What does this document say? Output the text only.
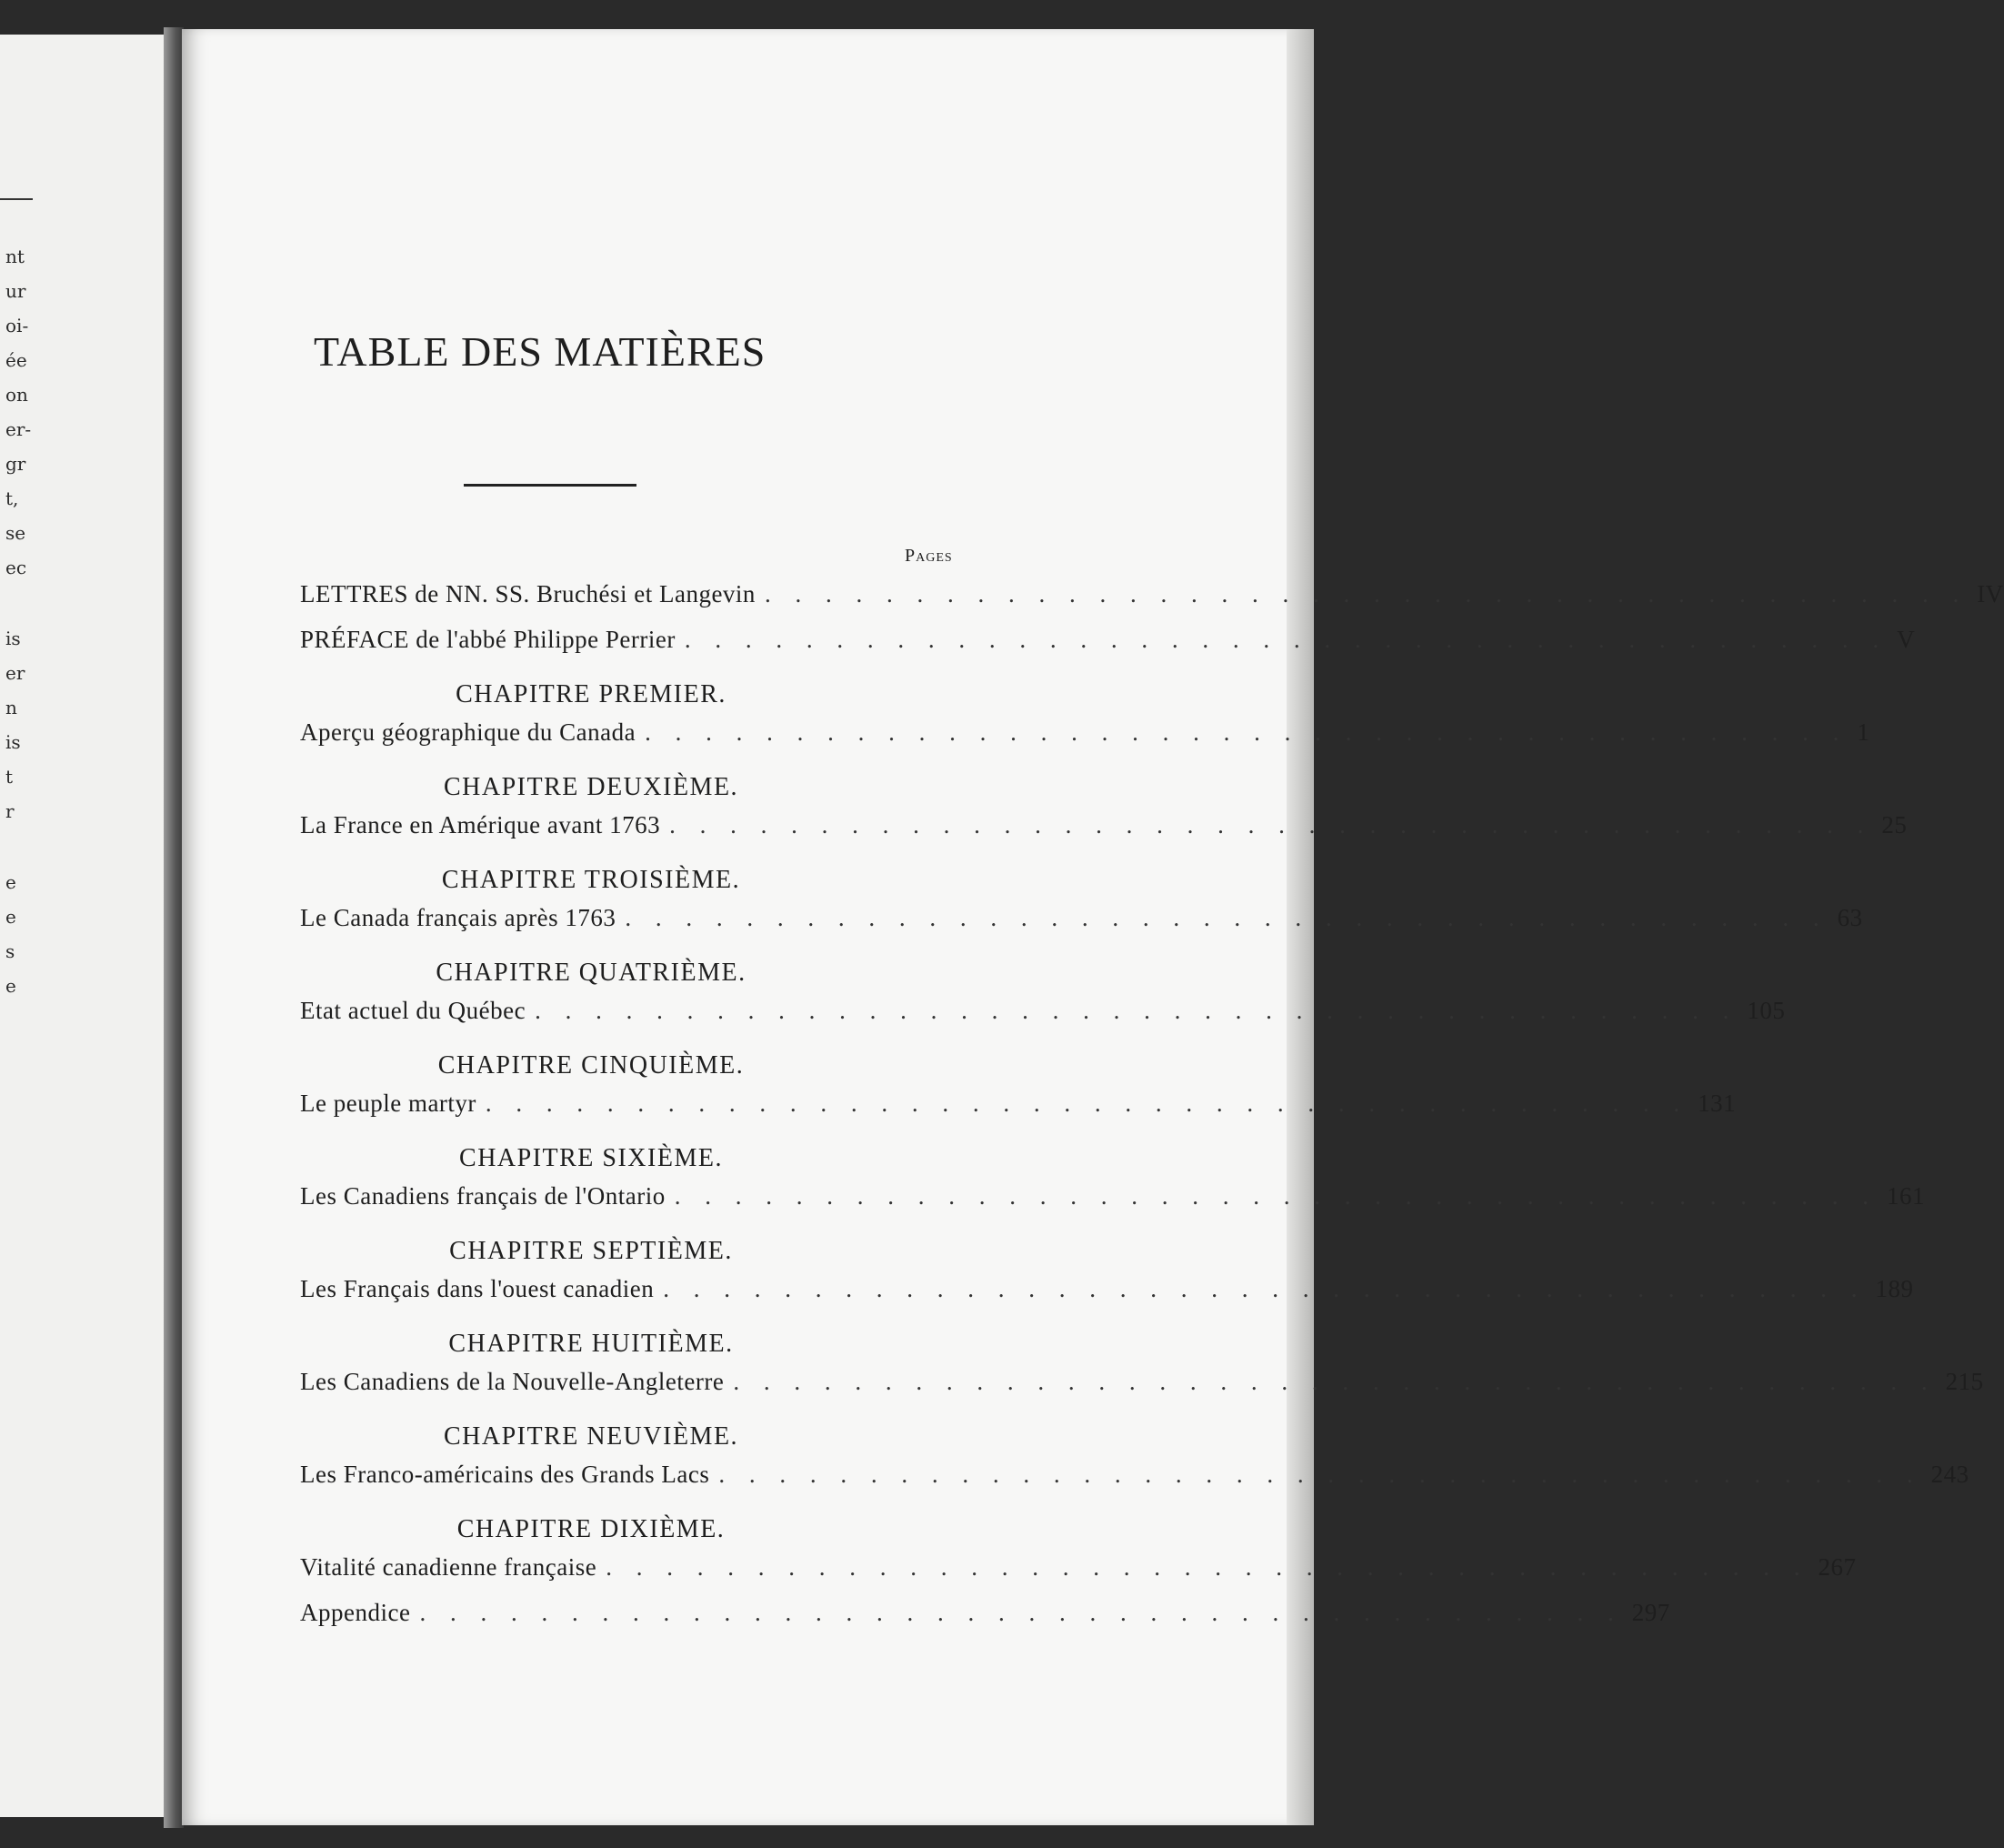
nt
ur
oi-
ée
on
er-
gr
t,
se
ec
is
er
n
is
t
r
e
e
s
e
TABLE DES MATIÈRES
Pages
LETTRES de NN. SS. Bruchési et Langevin . . . . . . . . . . . . . . . . . . . . . . . . . . . . . . . . . . . . . . . . IV
PRÉFACE de l'abbé Philippe Perrier . . . . . . . . . . . . . . . . . . . . . . . . . . . . . . . . . . . . . . . . V
CHAPITRE PREMIER.
Aperçu géographique du Canada . . . . . . . . . . . . . . . . . . . . . . . . . . . . . . . . . . . . . . . . 1
CHAPITRE DEUXIÈME.
La France en Amérique avant 1763 . . . . . . . . . . . . . . . . . . . . . . . . . . . . . . . . . . . . . . . . 25
CHAPITRE TROISIÈME.
Le Canada français après 1763 . . . . . . . . . . . . . . . . . . . . . . . . . . . . . . . . . . . . . . . . 63
CHAPITRE QUATRIÈME.
Etat actuel du Québec . . . . . . . . . . . . . . . . . . . . . . . . . . . . . . . . . . . . . . . . 105
CHAPITRE CINQUIÈME.
Le peuple martyr . . . . . . . . . . . . . . . . . . . . . . . . . . . . . . . . . . . . . . . . 131
CHAPITRE SIXIÈME.
Les Canadiens français de l'Ontario . . . . . . . . . . . . . . . . . . . . . . . . . . . . . . . . . . . . . . . . 161
CHAPITRE SEPTIÈME.
Les Français dans l'ouest canadien . . . . . . . . . . . . . . . . . . . . . . . . . . . . . . . . . . . . . . . . 189
CHAPITRE HUITIÈME.
Les Canadiens de la Nouvelle-Angleterre . . . . . . . . . . . . . . . . . . . . . . . . . . . . . . . . . . . . . . . . 215
CHAPITRE NEUVIÈME.
Les Franco-américains des Grands Lacs . . . . . . . . . . . . . . . . . . . . . . . . . . . . . . . . . . . . . . . . 243
CHAPITRE DIXIÈME.
Vitalité canadienne française . . . . . . . . . . . . . . . . . . . . . . . . . . . . . . . . . . . . . . . . 267
Appendice . . . . . . . . . . . . . . . . . . . . . . . . . . . . . . . . . . . . . . . . 297
